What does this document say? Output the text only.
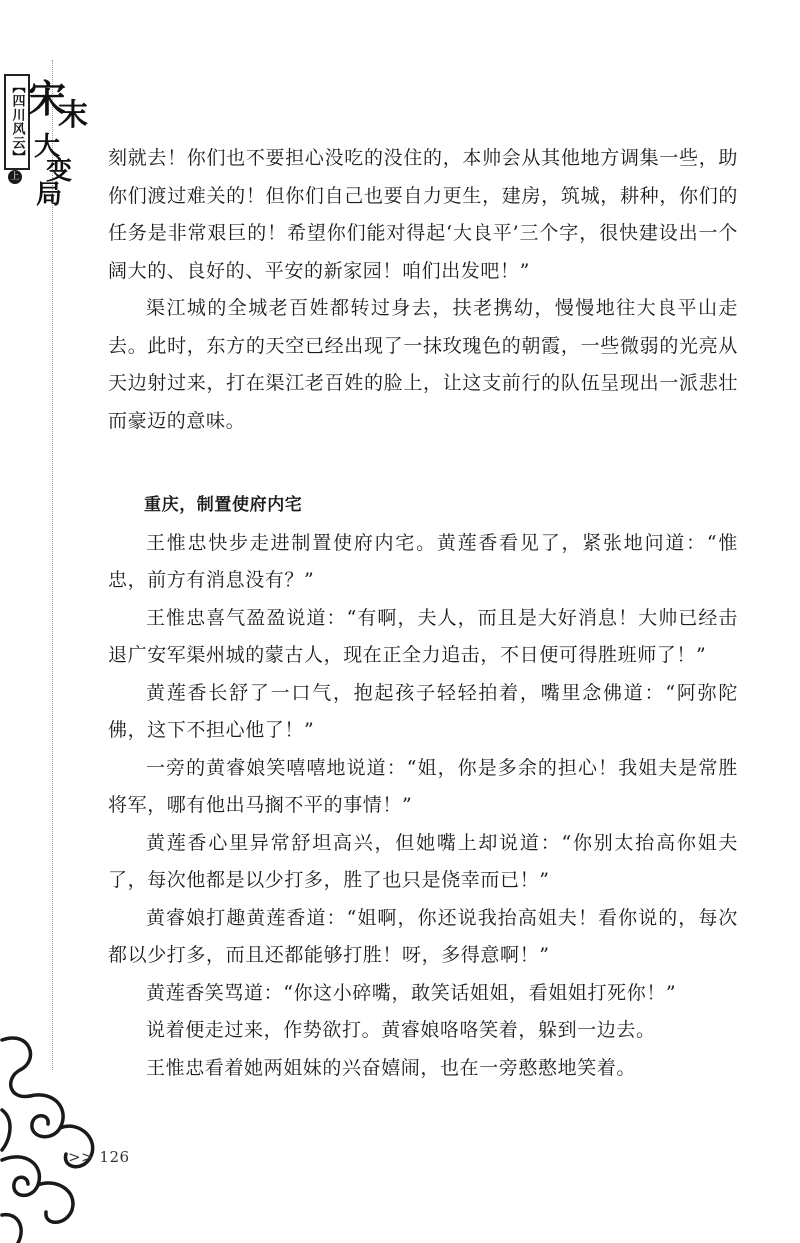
【四川风云】
上
宋
末
大
变
局

刻就去！你们也不要担心没吃的没住的，本帅会从其他地方调集一些，助你们渡过难关的！但你们自己也要自力更生，建房，筑城，耕种，你们的任务是非常艰巨的！希望你们能对得起‘大良平’三个字，很快建设出一个阔大的、良好的、平安的新家园！咱们出发吧！”

渠江城的全城老百姓都转过身去，扶老携幼，慢慢地往大良平山走去。此时，东方的天空已经出现了一抹玫瑰色的朝霞，一些微弱的光亮从天边射过来，打在渠江老百姓的脸上，让这支前行的队伍呈现出一派悲壮而豪迈的意味。

重庆，制置使府内宅

王惟忠快步走进制置使府内宅。黄莲香看见了，紧张地问道：“惟忠，前方有消息没有？”

王惟忠喜气盈盈说道：“有啊，夫人，而且是大好消息！大帅已经击退广安军渠州城的蒙古人，现在正全力追击，不日便可得胜班师了！”

黄莲香长舒了一口气，抱起孩子轻轻拍着，嘴里念佛道：“阿弥陀佛，这下不担心他了！”

一旁的黄睿娘笑嘻嘻地说道：“姐，你是多余的担心！我姐夫是常胜将军，哪有他出马搁不平的事情！”

黄莲香心里异常舒坦高兴，但她嘴上却说道：“你别太抬高你姐夫了，每次他都是以少打多，胜了也只是侥幸而已！”

黄睿娘打趣黄莲香道：“姐啊，你还说我抬高姐夫！看你说的，每次都以少打多，而且还都能够打胜！呀，多得意啊！”

黄莲香笑骂道：“你这小碎嘴，敢笑话姐姐，看姐姐打死你！”

说着便走过来，作势欲打。黄睿娘咯咯笑着，躲到一边去。

王惟忠看着她两姐妹的兴奋嬉闹，也在一旁憨憨地笑着。

>> 126
